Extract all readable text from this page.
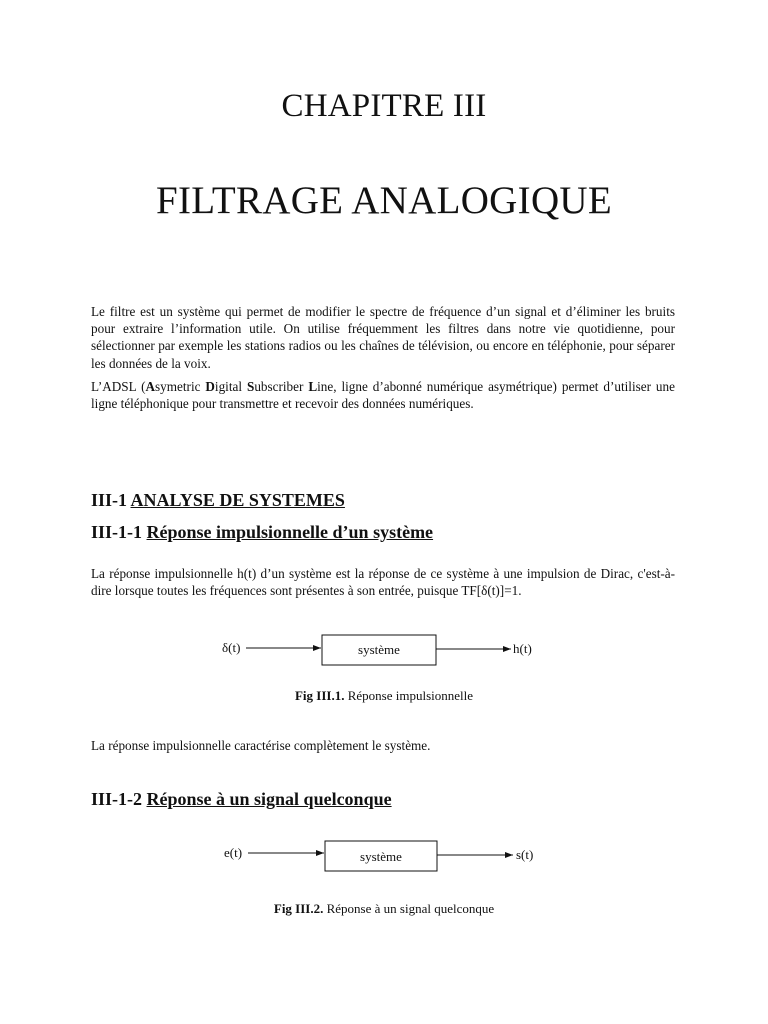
CHAPITRE III
FILTRAGE ANALOGIQUE
Le filtre est un système qui permet de modifier le spectre de fréquence d’un signal et d’éliminer les bruits pour extraire l’information utile. On utilise fréquemment les filtres dans notre vie quotidienne, pour sélectionner par exemple les stations radios ou les chaînes de télévision, ou encore en téléphonie, pour séparer les données de la voix.
L’ADSL (Asymetric Digital Subscriber Line, ligne d’abonné numérique asymétrique) permet d’utiliser une ligne téléphonique pour transmettre et recevoir des données numériques.
III-1 ANALYSE DE SYSTEMES
III-1-1 Réponse impulsionnelle d’un système
La réponse impulsionnelle h(t) d’un système est la réponse de ce système à une impulsion de Dirac, c'est-à-dire lorsque toutes les fréquences sont présentes à son entrée, puisque TF[δ(t)]=1.
δ(t)	système	h(t)
e(t)	système	s(t)
Fig III.1. Réponse impulsionnelle
La réponse impulsionnelle caractérise complètement le système.
III-1-2 Réponse à un signal quelconque
Fig III.2. Réponse à un signal quelconque
